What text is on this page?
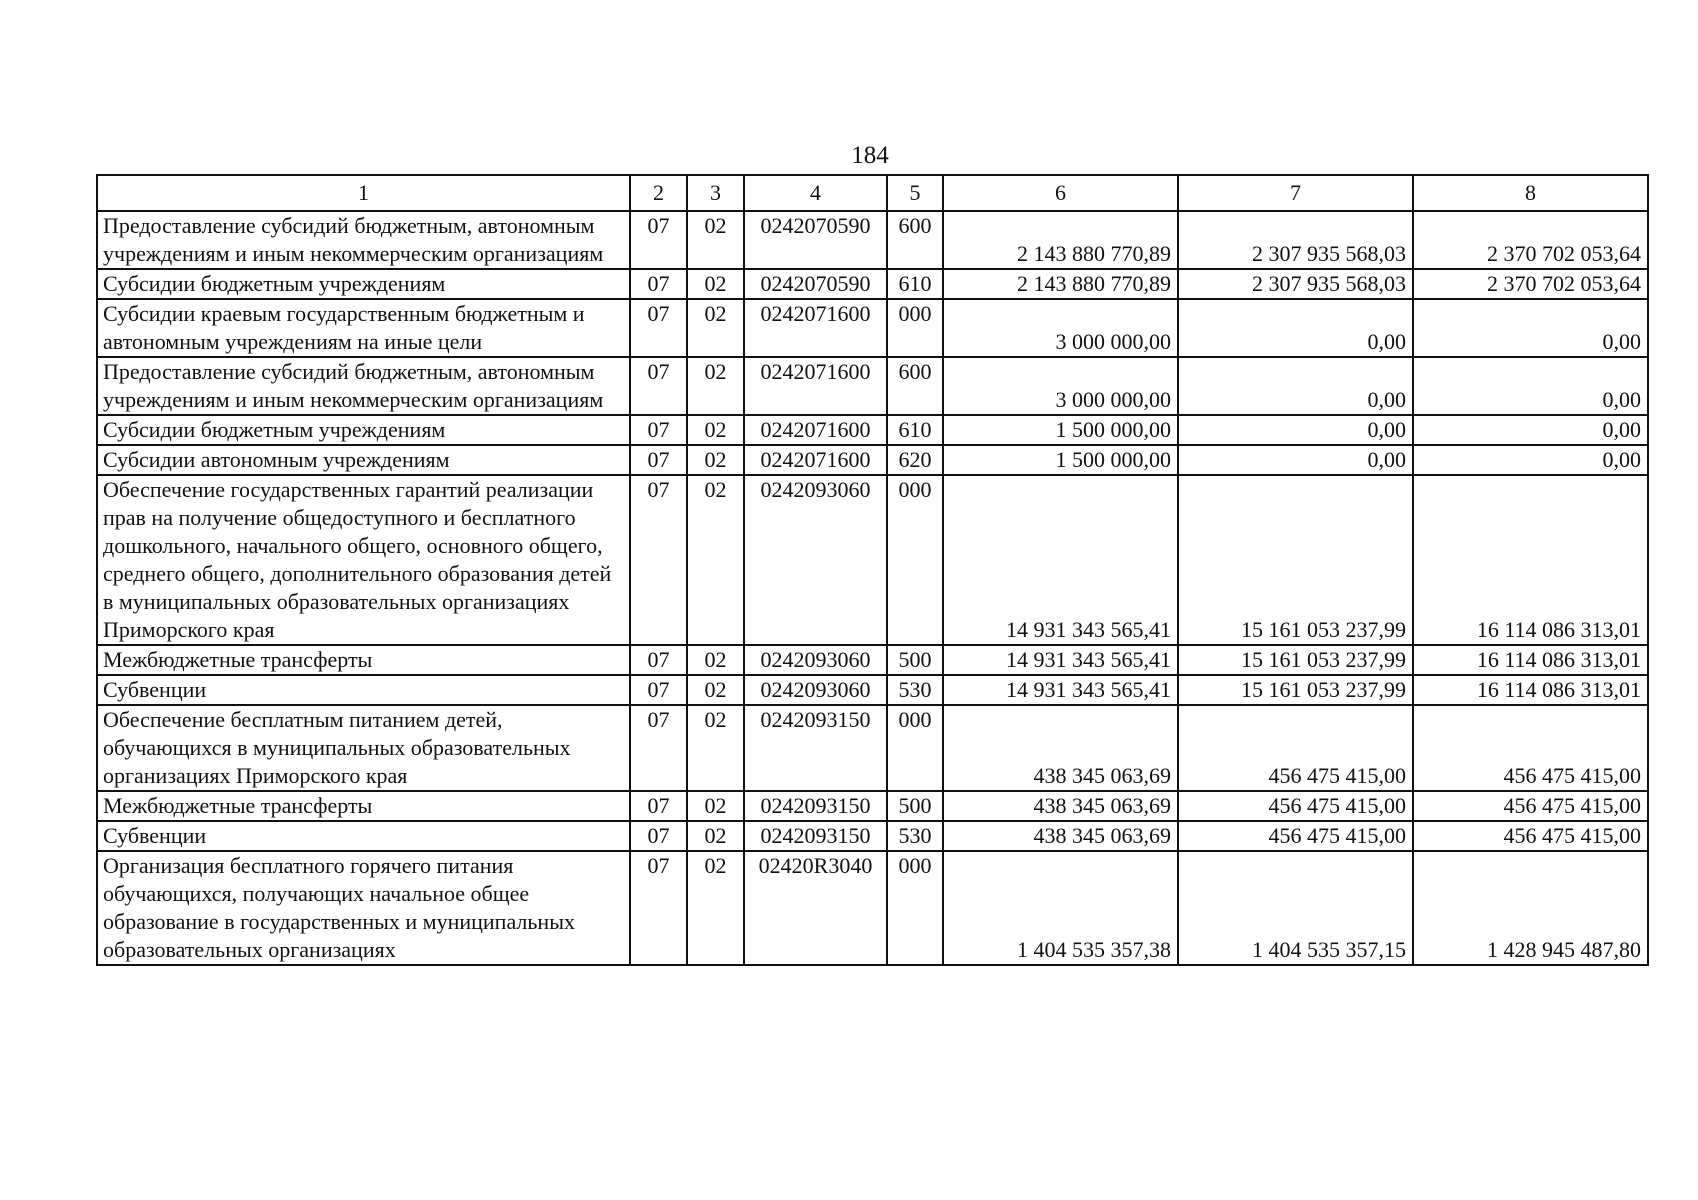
184
1	2	3	4	5	6	7	8
Предоставление субсидий бюджетным, автономным учреждениям и иным некоммерческим организациям	07	02	0242070590	600	2 143 880 770,89	2 307 935 568,03	2 370 702 053,64
Субсидии бюджетным учреждениям	07	02	0242070590	610	2 143 880 770,89	2 307 935 568,03	2 370 702 053,64
Субсидии краевым государственным бюджетным и автономным учреждениям на иные цели	07	02	0242071600	000	3 000 000,00	0,00	0,00
Предоставление субсидий бюджетным, автономным учреждениям и иным некоммерческим организациям	07	02	0242071600	600	3 000 000,00	0,00	0,00
Субсидии бюджетным учреждениям	07	02	0242071600	610	1 500 000,00	0,00	0,00
Субсидии автономным учреждениям	07	02	0242071600	620	1 500 000,00	0,00	0,00
Обеспечение государственных гарантий реализации прав на получение общедоступного и бесплатного дошкольного, начального общего, основного общего, среднего общего, дополнительного образования детей в муниципальных образовательных организациях Приморского края	07	02	0242093060	000	14 931 343 565,41	15 161 053 237,99	16 114 086 313,01
Межбюджетные трансферты	07	02	0242093060	500	14 931 343 565,41	15 161 053 237,99	16 114 086 313,01
Субвенции	07	02	0242093060	530	14 931 343 565,41	15 161 053 237,99	16 114 086 313,01
Обеспечение бесплатным питанием детей, обучающихся в муниципальных образовательных организациях Приморского края	07	02	0242093150	000	438 345 063,69	456 475 415,00	456 475 415,00
Межбюджетные трансферты	07	02	0242093150	500	438 345 063,69	456 475 415,00	456 475 415,00
Субвенции	07	02	0242093150	530	438 345 063,69	456 475 415,00	456 475 415,00
Организация бесплатного горячего питания обучающихся, получающих начальное общее образование в государственных и муниципальных образовательных организациях	07	02	02420R3040	000	1 404 535 357,38	1 404 535 357,15	1 428 945 487,80
